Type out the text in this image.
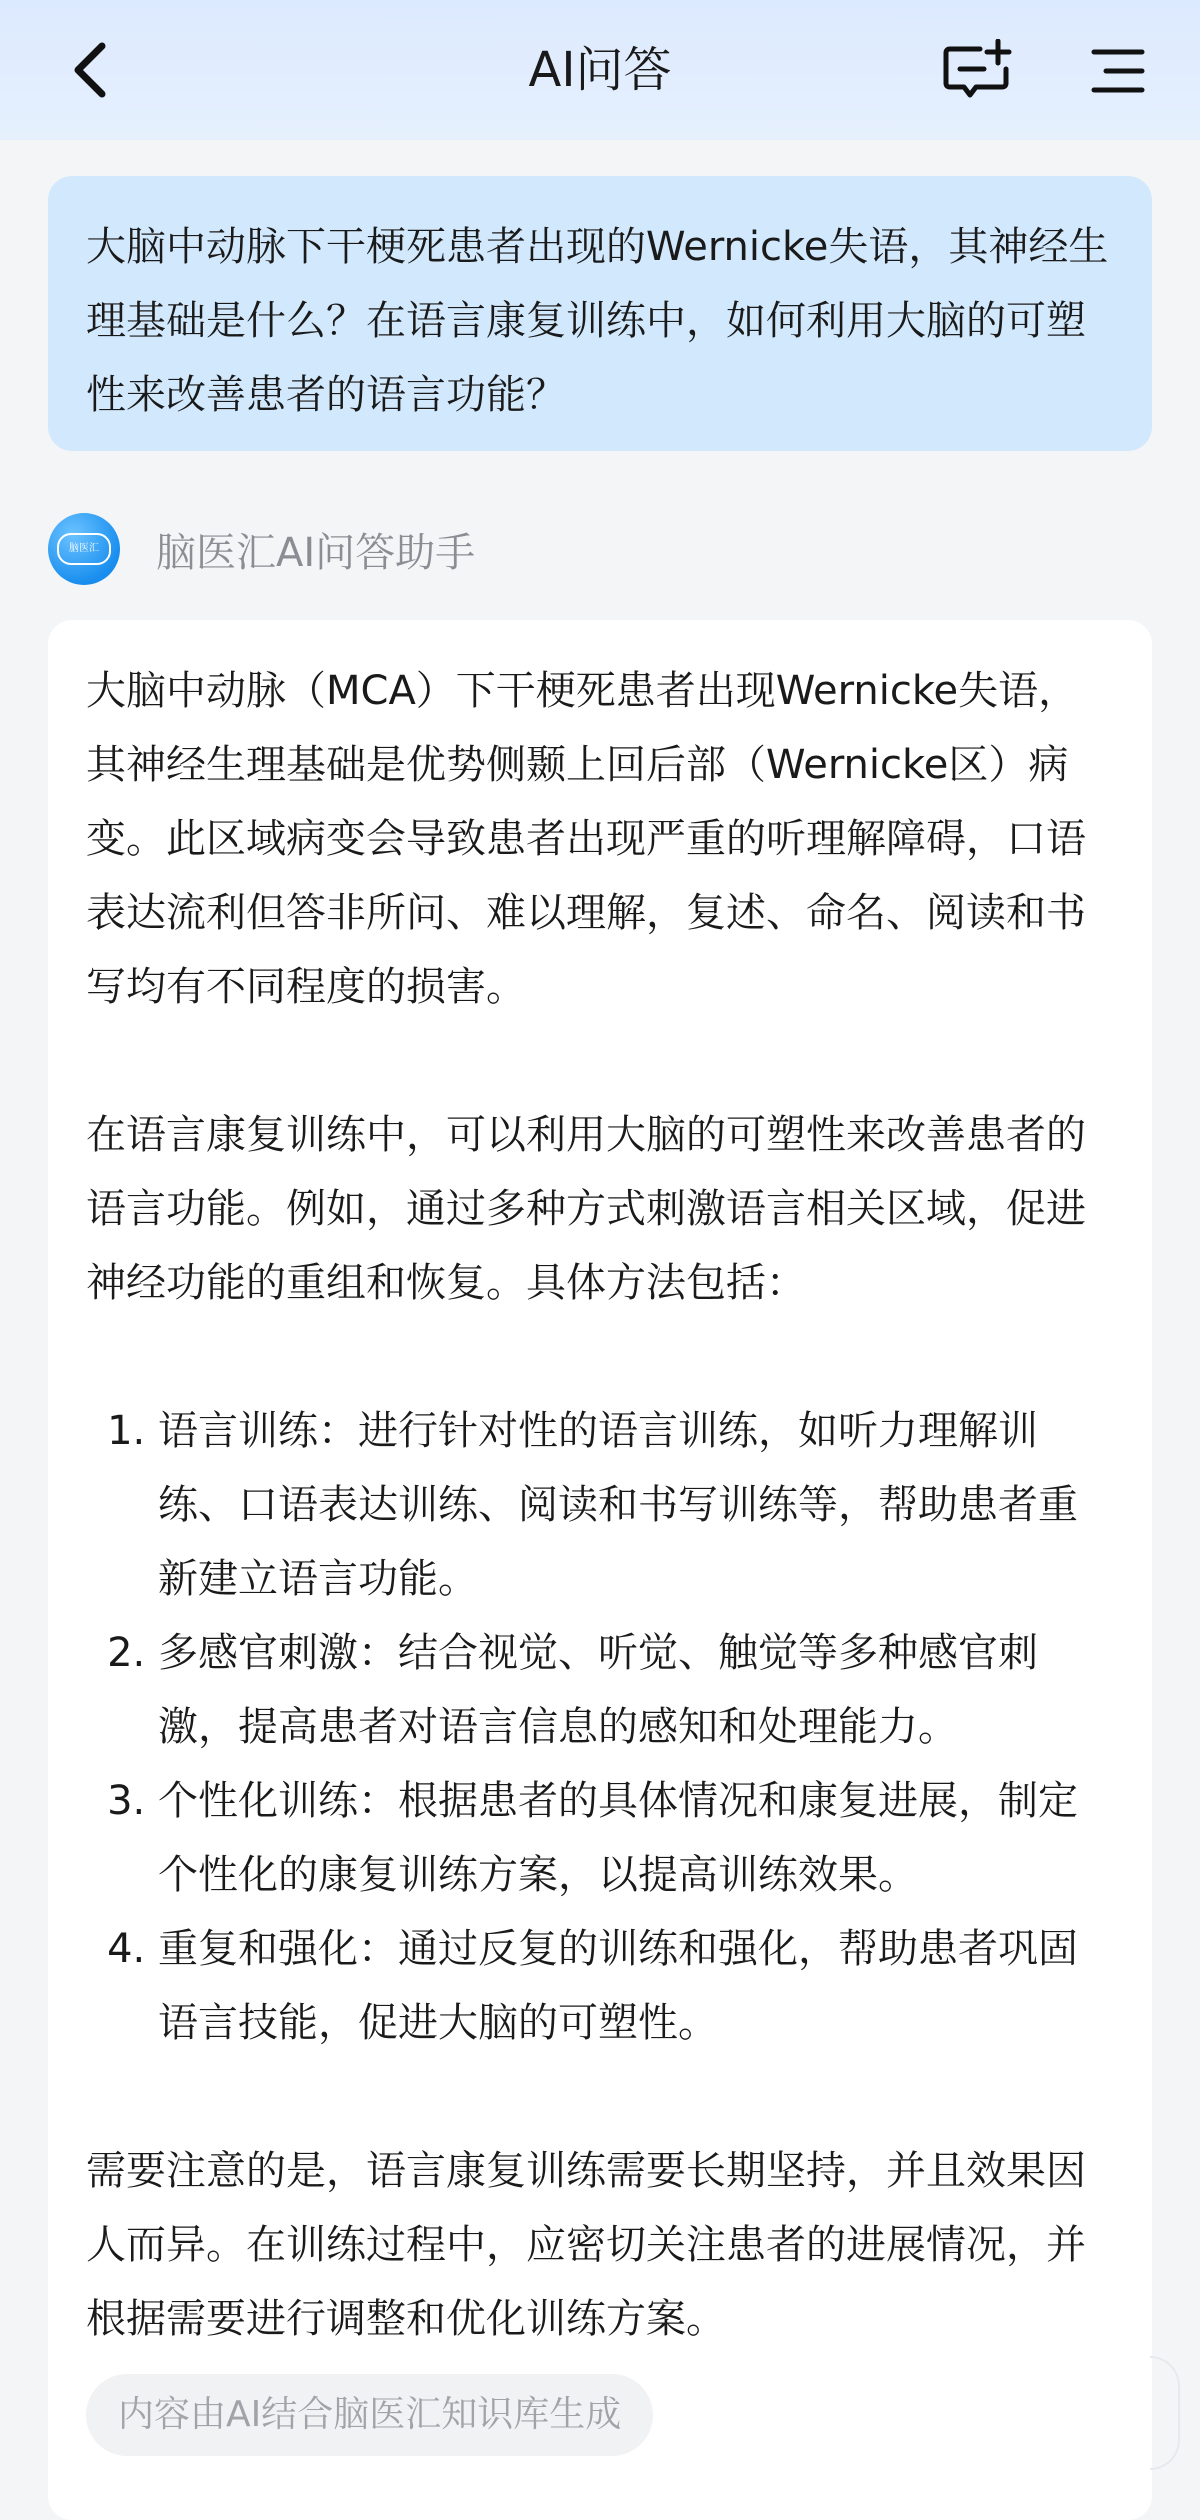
AI问答
大脑中动脉下干梗死患者出现的Wernicke失语，其神经生理基础是什么？在语言康复训练中，如何利用大脑的可塑性来改善患者的语言功能？
脑医汇	脑医汇AI问答助手

大脑中动脉（MCA）下干梗死患者出现Wernicke失语，其神经生理基础是优势侧颞上回后部（Wernicke区）病变。此区域病变会导致患者出现严重的听理解障碍，口语表达流利但答非所问、难以理解，复述、命名、阅读和书写均有不同程度的损害。

在语言康复训练中，可以利用大脑的可塑性来改善患者的语言功能。例如，通过多种方式刺激语言相关区域，促进神经功能的重组和恢复。具体方法包括：

1. 语言训练：进行针对性的语言训练，如听力理解训练、口语表达训练、阅读和书写训练等，帮助患者重新建立语言功能。
2. 多感官刺激：结合视觉、听觉、触觉等多种感官刺激，提高患者对语言信息的感知和处理能力。
3. 个性化训练：根据患者的具体情况和康复进展，制定个性化的康复训练方案，以提高训练效果。
4. 重复和强化：通过反复的训练和强化，帮助患者巩固语言技能，促进大脑的可塑性。

需要注意的是，语言康复训练需要长期坚持，并且效果因人而异。在训练过程中，应密切关注患者的进展情况，并根据需要进行调整和优化训练方案。

内容由AI结合脑医汇知识库生成
